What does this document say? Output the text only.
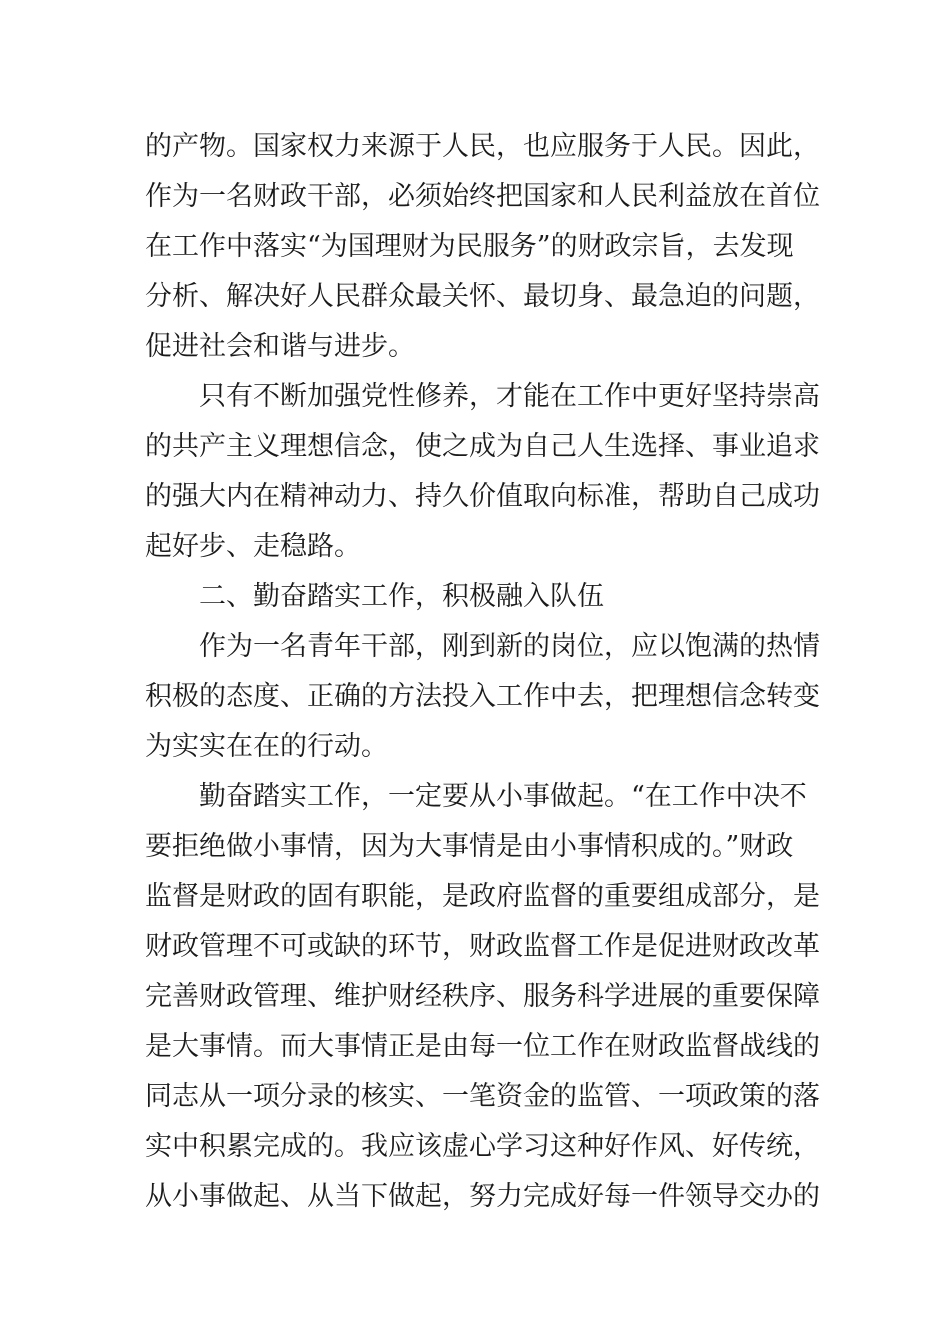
的产物。国家权力来源于人民，也应服务于人民。因此，
作为一名财政干部，必须始终把国家和人民利益放在首位
在工作中落实“为国理财为民服务”的财政宗旨，去发现
分析、解决好人民群众最关怀、最切身、最急迫的问题，
促进社会和谐与进步。
只有不断加强党性修养，才能在工作中更好坚持崇高
的共产主义理想信念，使之成为自己人生选择、事业追求
的强大内在精神动力、持久价值取向标准，帮助自己成功
起好步、走稳路。
二、勤奋踏实工作，积极融入队伍
作为一名青年干部，刚到新的岗位，应以饱满的热情
积极的态度、正确的方法投入工作中去，把理想信念转变
为实实在在的行动。
勤奋踏实工作，一定要从小事做起。“在工作中决不
要拒绝做小事情，因为大事情是由小事情积成的。”财政
监督是财政的固有职能，是政府监督的重要组成部分，是
财政管理不可或缺的环节，财政监督工作是促进财政改革
完善财政管理、维护财经秩序、服务科学进展的重要保障
是大事情。而大事情正是由每一位工作在财政监督战线的
同志从一项分录的核实、一笔资金的监管、一项政策的落
实中积累完成的。我应该虚心学习这种好作风、好传统，
从小事做起、从当下做起，努力完成好每一件领导交办的
